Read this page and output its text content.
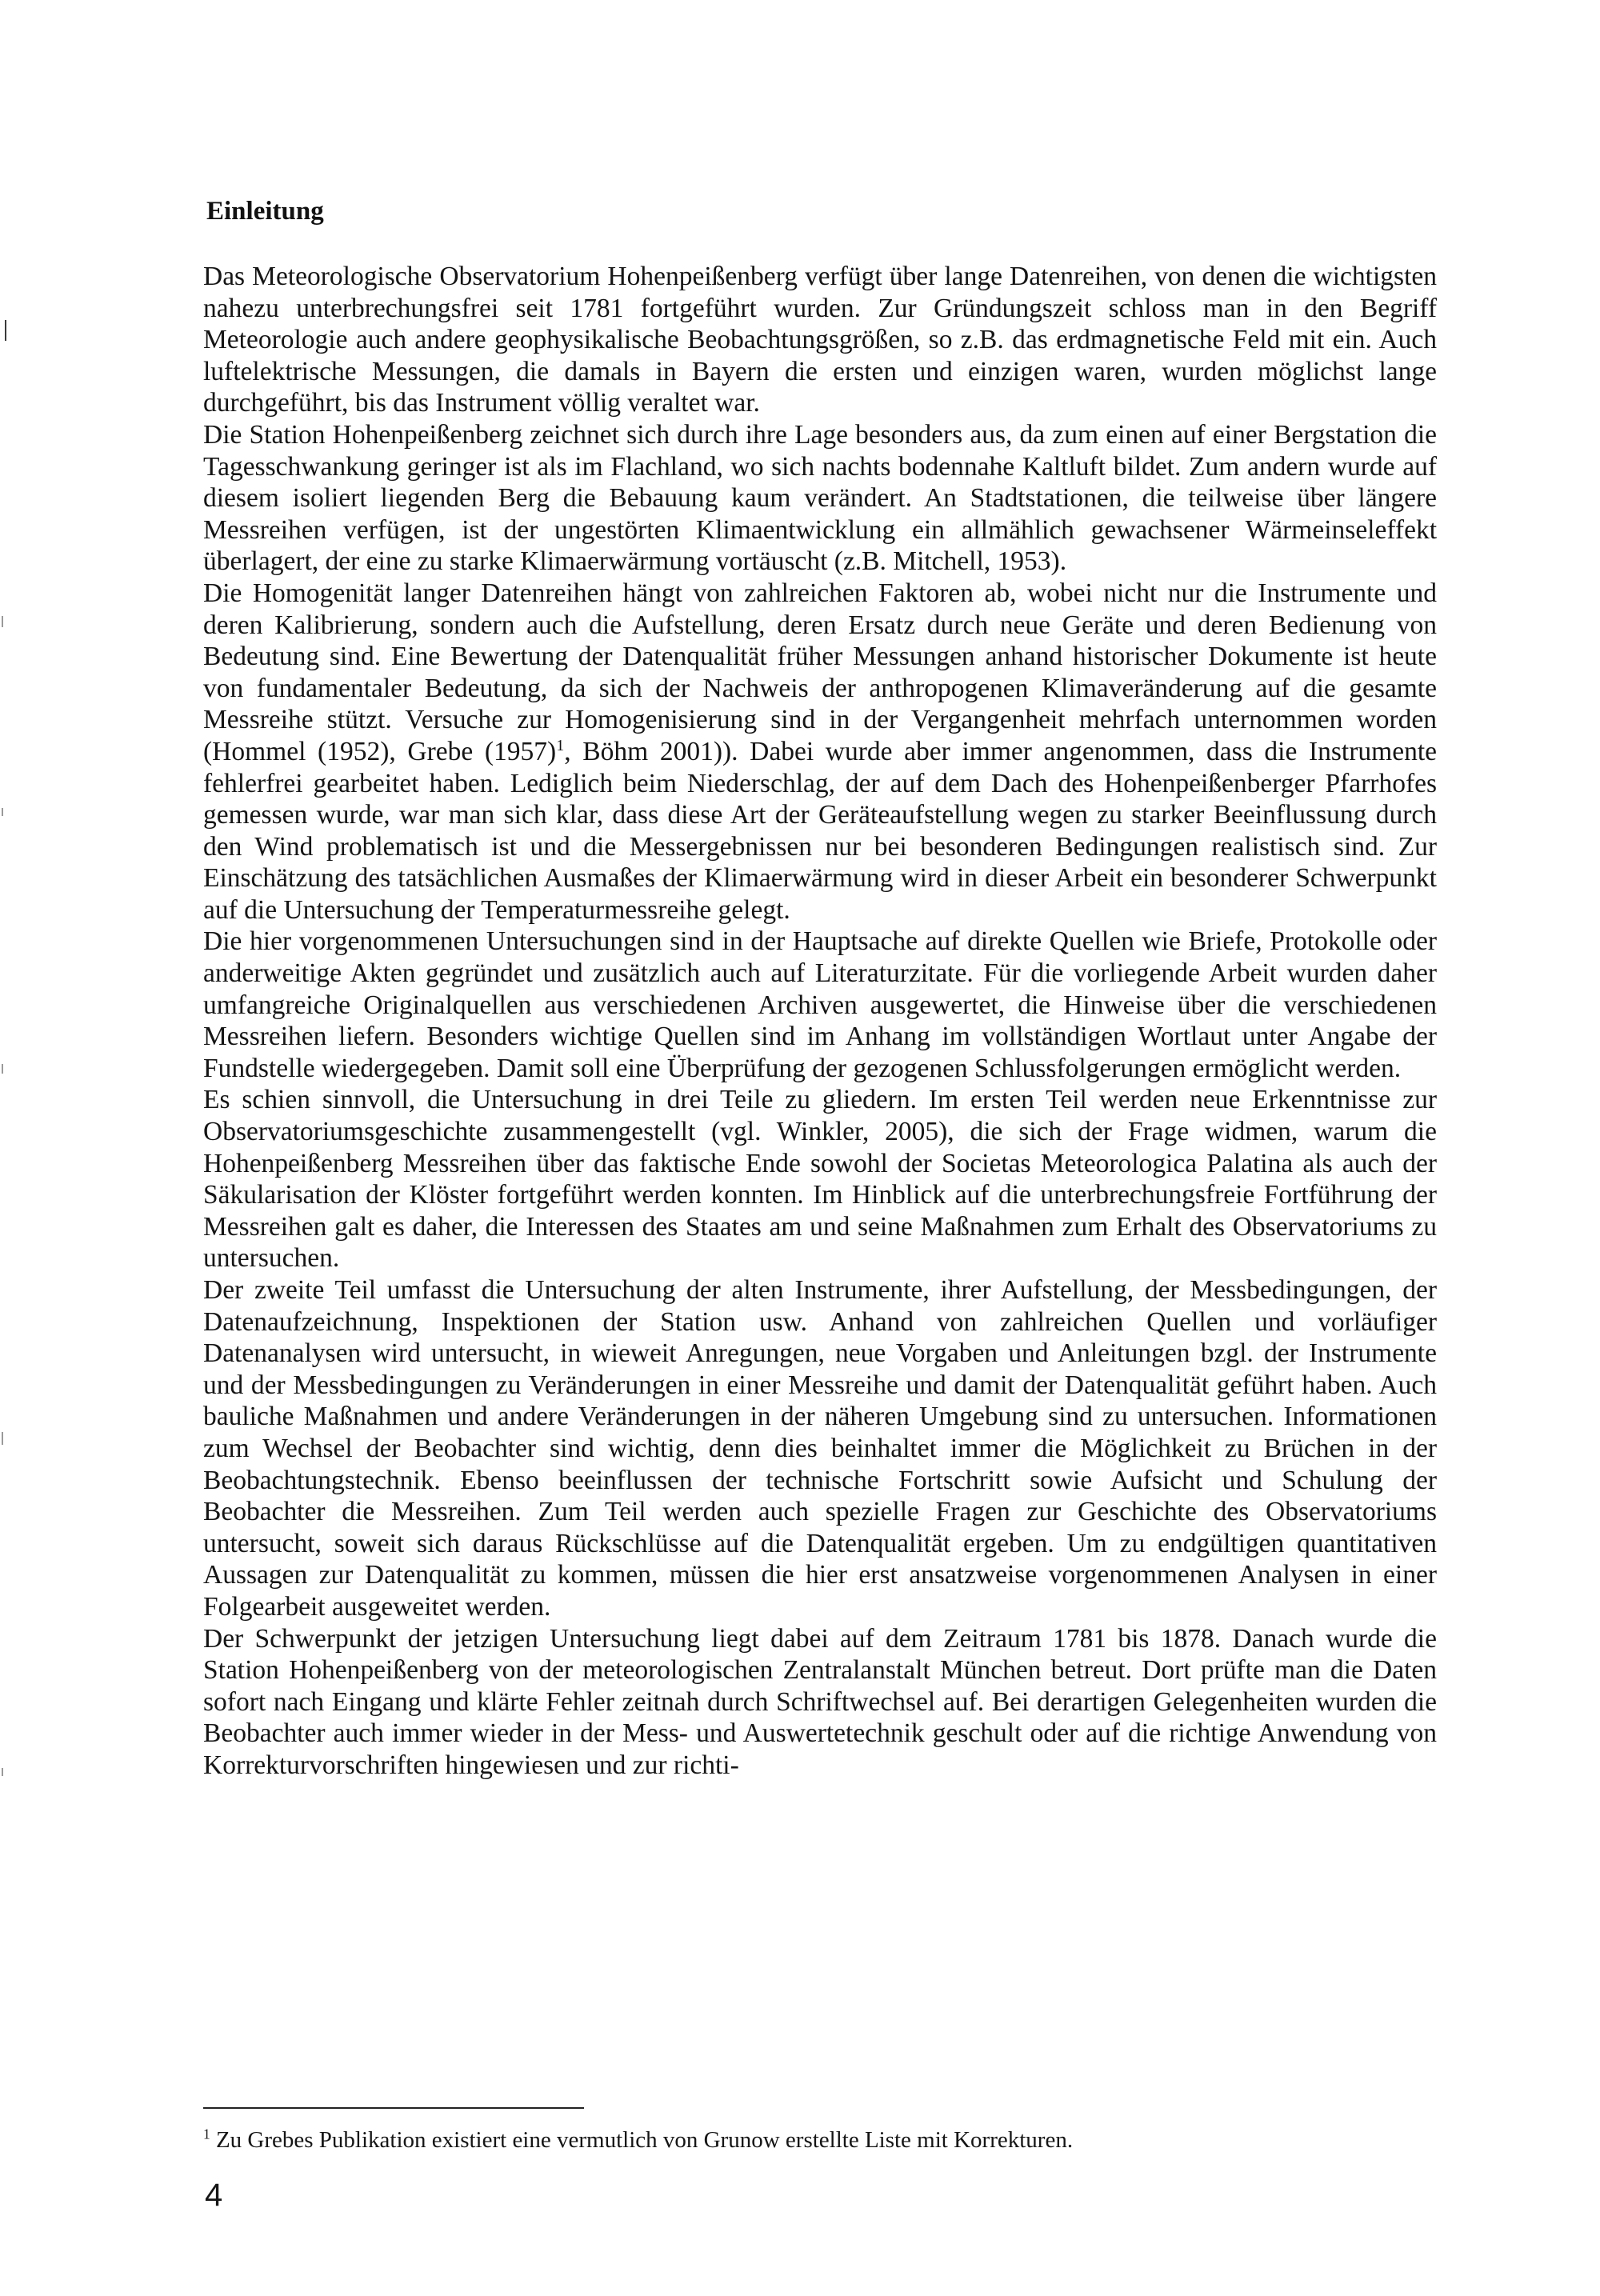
Einleitung

Das Meteorologische Observatorium Hohenpeißenberg verfügt über lange Datenreihen, von denen die wichtigsten nahezu unterbrechungsfrei seit 1781 fortgeführt wurden. Zur Gründungszeit schloss man in den Begriff Meteorologie auch andere geophysikalische Beobachtungsgrößen, so z.B. das erdmagnetische Feld mit ein. Auch luftelektrische Messungen, die damals in Bayern die ersten und einzigen waren, wurden möglichst lange durchgeführt, bis das Instrument völlig veraltet war.

Die Station Hohenpeißenberg zeichnet sich durch ihre Lage besonders aus, da zum einen auf einer Bergstation die Tagesschwankung geringer ist als im Flachland, wo sich nachts bodennahe Kaltluft bildet. Zum andern wurde auf diesem isoliert liegenden Berg die Bebauung kaum verändert. An Stadtstationen, die teilweise über längere Messreihen verfügen, ist der ungestörten Klimaentwicklung ein allmählich gewachsener Wärmeinseleffekt überlagert, der eine zu starke Klimaerwärmung vortäuscht (z.B. Mitchell, 1953).

Die Homogenität langer Datenreihen hängt von zahlreichen Faktoren ab, wobei nicht nur die Instrumente und deren Kalibrierung, sondern auch die Aufstellung, deren Ersatz durch neue Geräte und deren Bedienung von Bedeutung sind. Eine Bewertung der Datenqualität früher Messungen anhand historischer Dokumente ist heute von fundamentaler Bedeutung, da sich der Nachweis der anthropogenen Klimaveränderung auf die gesamte Messreihe stützt. Versuche zur Homogenisierung sind in der Vergangenheit mehrfach unternommen worden (Hommel (1952), Grebe $(1957)^1$, Böhm 2001)). Dabei wurde aber immer angenommen, dass die Instrumente fehlerfrei gearbeitet haben. Lediglich beim Niederschlag, der auf dem Dach des Hohenpeißenberger Pfarrhofes gemessen wurde, war man sich klar, dass diese Art der Geräteaufstellung wegen zu starker Beeinflussung durch den Wind problematisch ist und die Messergebnissen nur bei besonderen Bedingungen realistisch sind. Zur Einschätzung des tatsächlichen Ausmaßes der Klimaerwärmung wird in dieser Arbeit ein besonderer Schwerpunkt auf die Untersuchung der Temperaturmessreihe gelegt.

Die hier vorgenommenen Untersuchungen sind in der Hauptsache auf direkte Quellen wie Briefe, Protokolle oder anderweitige Akten gegründet und zusätzlich auch auf Literaturzitate. Für die vorliegende Arbeit wurden daher umfangreiche Originalquellen aus verschiedenen Archiven ausgewertet, die Hinweise über die verschiedenen Messreihen liefern. Besonders wichtige Quellen sind im Anhang im vollständigen Wortlaut unter Angabe der Fundstelle wiedergegeben. Damit soll eine Überprüfung der gezogenen Schlussfolgerungen ermöglicht werden.

Es schien sinnvoll, die Untersuchung in drei Teile zu gliedern. Im ersten Teil werden neue Erkenntnisse zur Observatoriumsgeschichte zusammengestellt (vgl. Winkler, 2005), die sich der Frage widmen, warum die Hohenpeißenberg Messreihen über das faktische Ende sowohl der Societas Meteorologica Palatina als auch der Säkularisation der Klöster fortgeführt werden konnten. Im Hinblick auf die unterbrechungsfreie Fortführung der Messreihen galt es daher, die Interessen des Staates am und seine Maßnahmen zum Erhalt des Observatoriums zu untersuchen.

Der zweite Teil umfasst die Untersuchung der alten Instrumente, ihrer Aufstellung, der Messbedingungen, der Datenaufzeichnung, Inspektionen der Station usw. Anhand von zahlreichen Quellen und vorläufiger Datenanalysen wird untersucht, in wieweit Anregungen, neue Vorgaben und Anleitungen bzgl. der Instrumente und der Messbedingungen zu Veränderungen in einer Messreihe und damit der Datenqualität geführt haben. Auch bauliche Maßnahmen und andere Veränderungen in der näheren Umgebung sind zu untersuchen. Informationen zum Wechsel der Beobachter sind wichtig, denn dies beinhaltet immer die Möglichkeit zu Brüchen in der Beobachtungstechnik. Ebenso beeinflussen der technische Fortschritt sowie Aufsicht und Schulung der Beobachter die Messreihen. Zum Teil werden auch spezielle Fragen zur Geschichte des Observatoriums untersucht, soweit sich daraus Rückschlüsse auf die Datenqualität ergeben. Um zu endgültigen quantitativen Aussagen zur Datenqualität zu kommen, müssen die hier erst ansatzweise vorgenommenen Analysen in einer Folgearbeit ausgeweitet werden.

Der Schwerpunkt der jetzigen Untersuchung liegt dabei auf dem Zeitraum 1781 bis 1878. Danach wurde die Station Hohenpeißenberg von der meteorologischen Zentralanstalt München betreut. Dort prüfte man die Daten sofort nach Eingang und klärte Fehler zeitnah durch Schriftwechsel auf. Bei derartigen Gelegenheiten wurden die Beobachter auch immer wieder in der Mess- und Auswertetechnik geschult oder auf die richtige Anwendung von Korrekturvorschriften hingewiesen und zur richti-

$^1$ Zu Grebes Publikation existiert eine vermutlich von Grunow erstellte Liste mit Korrekturen.
4
